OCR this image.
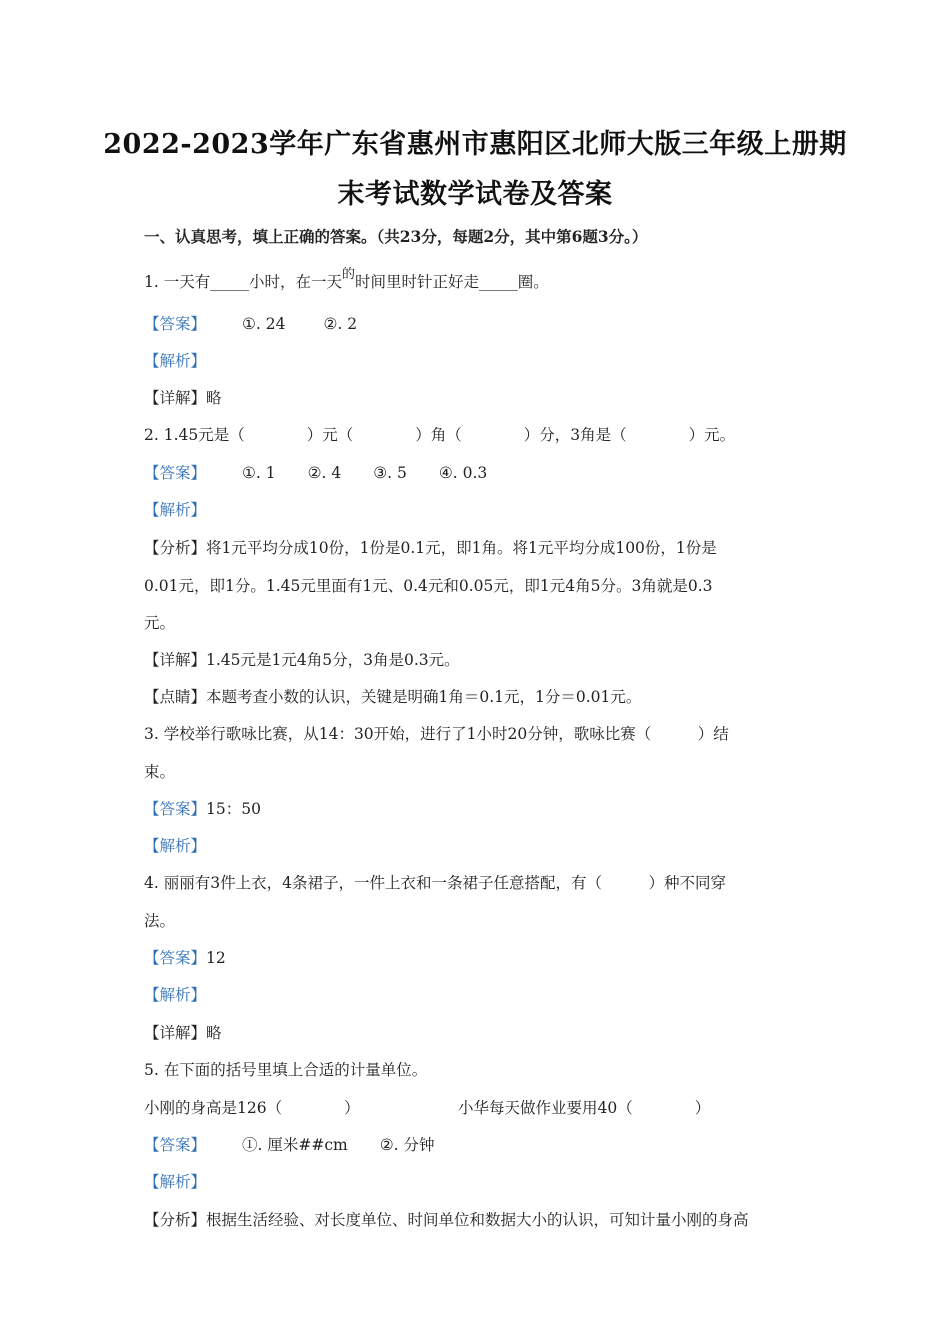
2022-2023学年广东省惠州市惠阳区北师大版三年级上册期
末考试数学试卷及答案
一、认真思考，填上正确的答案。（共23分，每题2分，其中第6题3分。）
1. 一天有_____小时，在一天$^的$时间里时针正好走_____圈。
【答案】 ①. 24 ②. 2
【解析】
【详解】略
2. 1.45元是（　　　　）元（　　　　）角（　　　　）分，3角是（　　　　）元。
【答案】 ①. 1 ②. 4 ③. 5 ④. 0.3
【解析】
【分析】将1元平均分成10份，1份是0.1元，即1角。将1元平均分成100份，1份是
0.01元，即1分。1.45元里面有1元、0.4元和0.05元，即1元4角5分。3角就是0.3
元。
【详解】1.45元是1元4角5分，3角是0.3元。
【点睛】本题考查小数的认识，关键是明确1角＝0.1元，1分＝0.01元。
3. 学校举行歌咏比赛，从14：30开始，进行了1小时20分钟，歌咏比赛（　　　）结
束。
【答案】15：50
【解析】
4. 丽丽有3件上衣，4条裙子，一件上衣和一条裙子任意搭配，有（　　　）种不同穿
法。
【答案】12
【解析】
【详解】略
5. 在下面的括号里填上合适的计量单位。
小刚的身高是126（　　　　）	小华每天做作业要用40（　　　　）
【答案】 ①. 厘米##cm ②. 分钟
【解析】
【分析】根据生活经验、对长度单位、时间单位和数据大小的认识，可知计量小刚的身高
